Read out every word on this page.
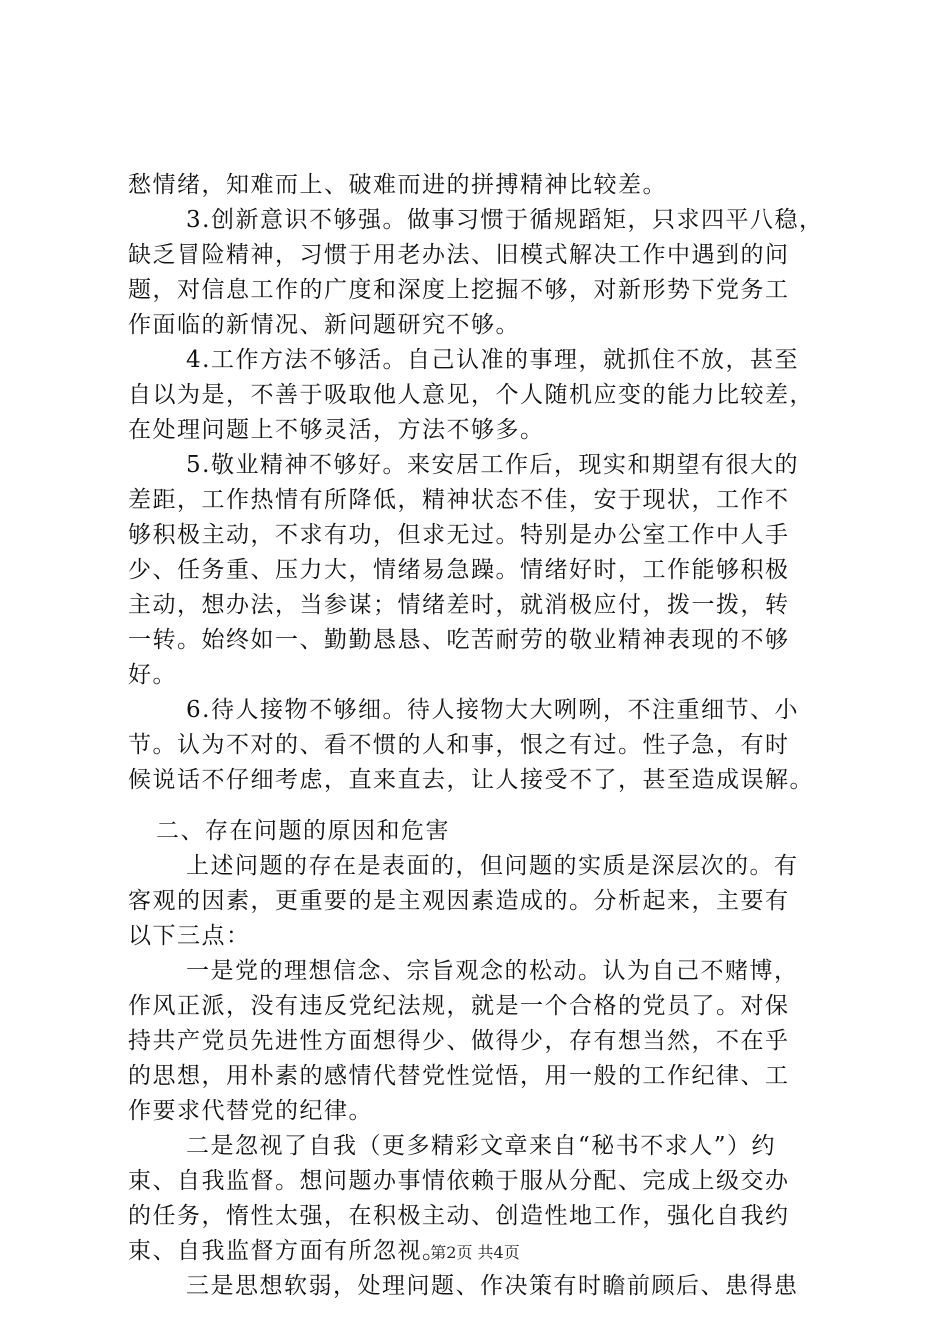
愁情绪，知难而上、破难而进的拼搏精神比较差。
3.创新意识不够强。做事习惯于循规蹈矩，只求四平八稳，
缺乏冒险精神，习惯于用老办法、旧模式解决工作中遇到的问
题，对信息工作的广度和深度上挖掘不够，对新形势下党务工
作面临的新情况、新问题研究不够。
4.工作方法不够活。自己认准的事理，就抓住不放，甚至
自以为是，不善于吸取他人意见，个人随机应变的能力比较差，
在处理问题上不够灵活，方法不够多。
5.敬业精神不够好。来安居工作后，现实和期望有很大的
差距，工作热情有所降低，精神状态不佳，安于现状，工作不
够积极主动，不求有功，但求无过。特别是办公室工作中人手
少、任务重、压力大，情绪易急躁。情绪好时，工作能够积极
主动，想办法，当参谋；情绪差时，就消极应付，拨一拨，转
一转。始终如一、勤勤恳恳、吃苦耐劳的敬业精神表现的不够
好。
6.待人接物不够细。待人接物大大咧咧，不注重细节、小
节。认为不对的、看不惯的人和事，恨之有过。性子急，有时
候说话不仔细考虑，直来直去，让人接受不了，甚至造成误解。
二、存在问题的原因和危害
上述问题的存在是表面的，但问题的实质是深层次的。有
客观的因素，更重要的是主观因素造成的。分析起来，主要有
以下三点：
一是党的理想信念、宗旨观念的松动。认为自己不赌博，
作风正派，没有违反党纪法规，就是一个合格的党员了。对保
持共产党员先进性方面想得少、做得少，存有想当然，不在乎
的思想，用朴素的感情代替党性觉悟，用一般的工作纪律、工
作要求代替党的纪律。
二是忽视了自我（更多精彩文章来自“秘书不求人”）约
束、自我监督。想问题办事情依赖于服从分配、完成上级交办
的任务，惰性太强，在积极主动、创造性地工作，强化自我约
束、自我监督方面有所忽视。
三是思想软弱，处理问题、作决策有时瞻前顾后、患得患
第2页 共4页
